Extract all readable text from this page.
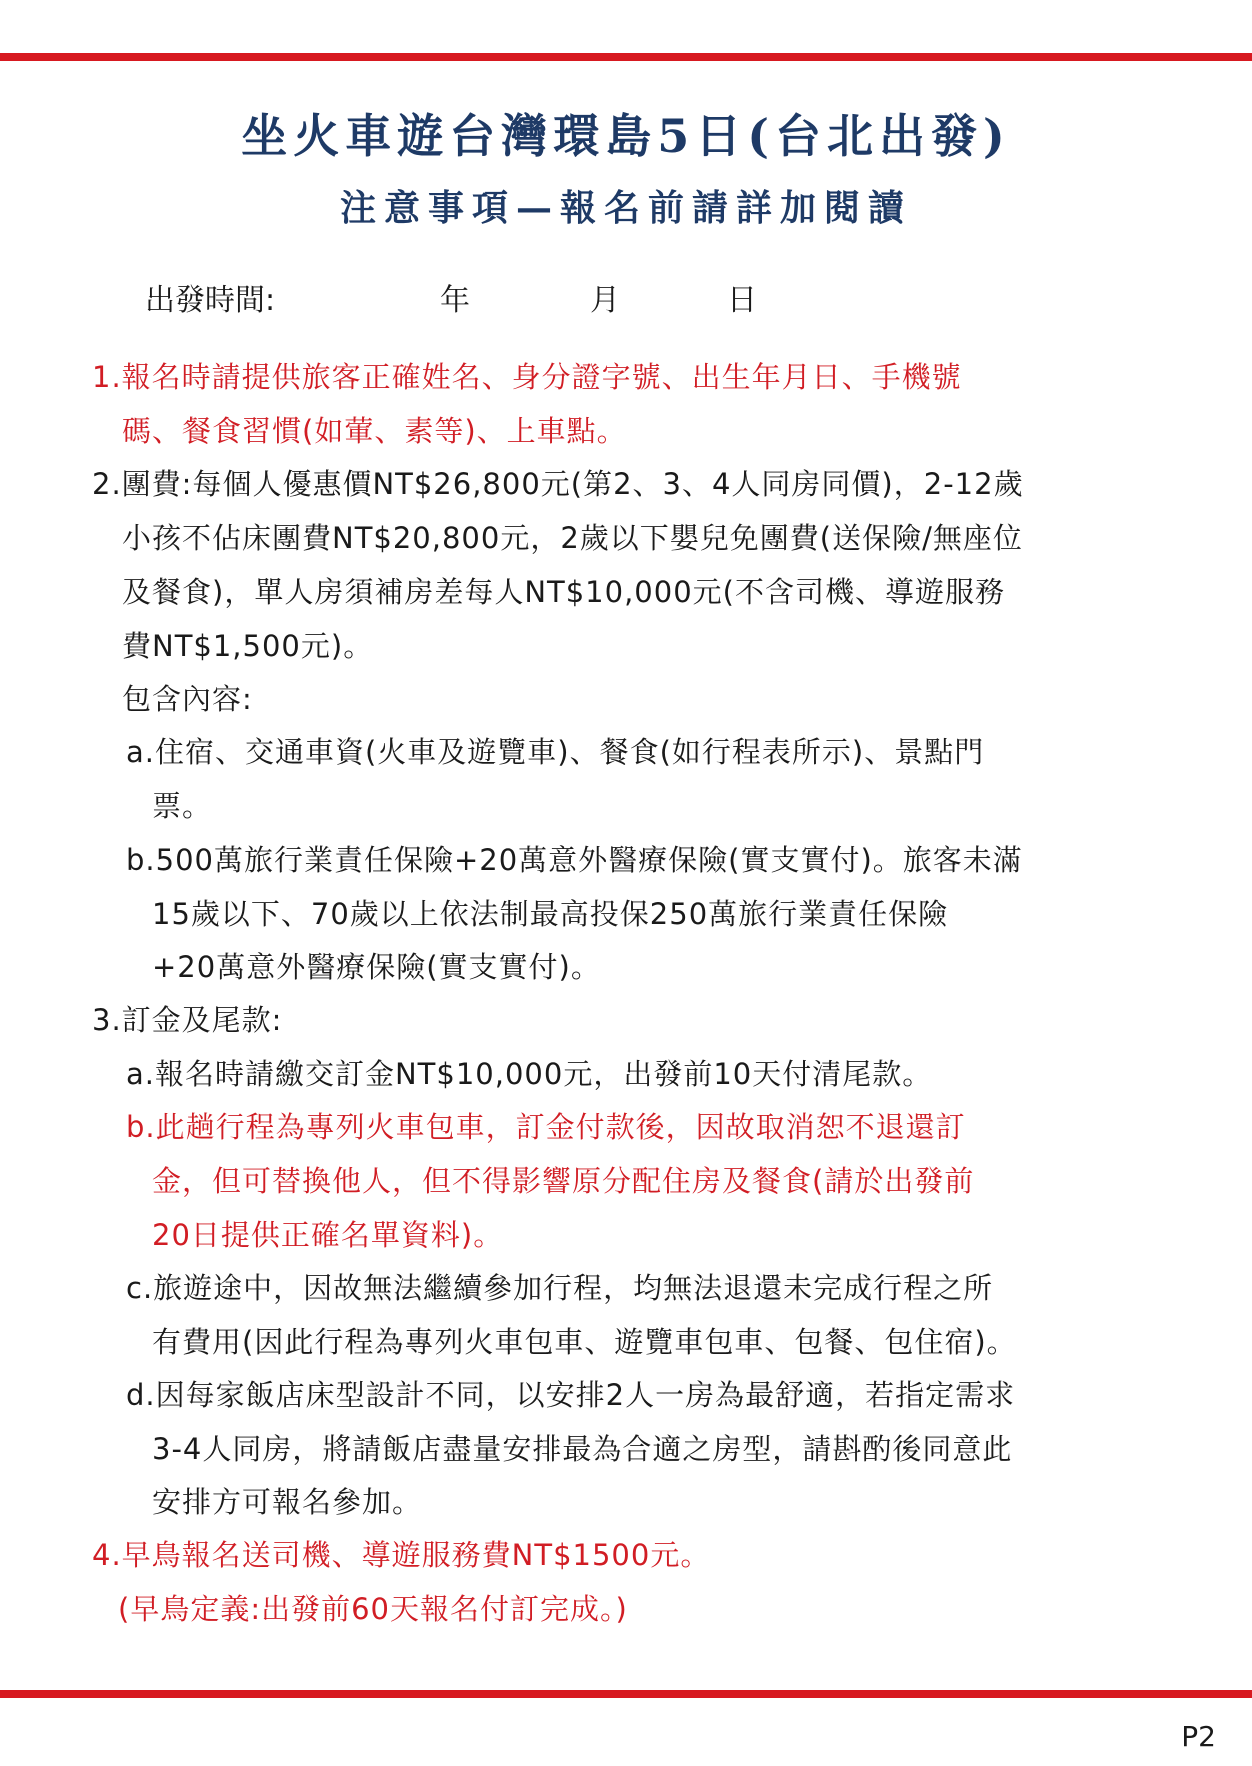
坐火車遊台灣環島5日(台北出發)
注意事項—報名前請詳加閱讀
出發時間:	年	月	日
1.報名時請提供旅客正確姓名、身分證字號、出生年月日、手機號
碼、餐食習慣(如葷、素等)、上車點。
2.團費:每個人優惠價NT$26,800元(第2、3、4人同房同價)，2-12歲
小孩不佔床團費NT$20,800元，2歲以下嬰兒免團費(送保險/無座位
及餐食)，單人房須補房差每人NT$10,000元(不含司機、導遊服務
費NT$1,500元)。
包含內容:
a.住宿、交通車資(火車及遊覽車)、餐食(如行程表所示)、景點門
票。
b.500萬旅行業責任保險+20萬意外醫療保險(實支實付)。旅客未滿
15歲以下、70歲以上依法制最高投保250萬旅行業責任保險
+20萬意外醫療保險(實支實付)。
3.訂金及尾款:
a.報名時請繳交訂金NT$10,000元，出發前10天付清尾款。
b.此趟行程為專列火車包車，訂金付款後，因故取消恕不退還訂
金，但可替換他人，但不得影響原分配住房及餐食(請於出發前
20日提供正確名單資料)。
c.旅遊途中，因故無法繼續參加行程，均無法退還未完成行程之所
有費用(因此行程為專列火車包車、遊覽車包車、包餐、包住宿)。
d.因每家飯店床型設計不同，以安排2人一房為最舒適，若指定需求
3-4人同房，將請飯店盡量安排最為合適之房型，請斟酌後同意此
安排方可報名參加。
4.早鳥報名送司機、導遊服務費NT$1500元。
(早鳥定義:出發前60天報名付訂完成。)
P2
